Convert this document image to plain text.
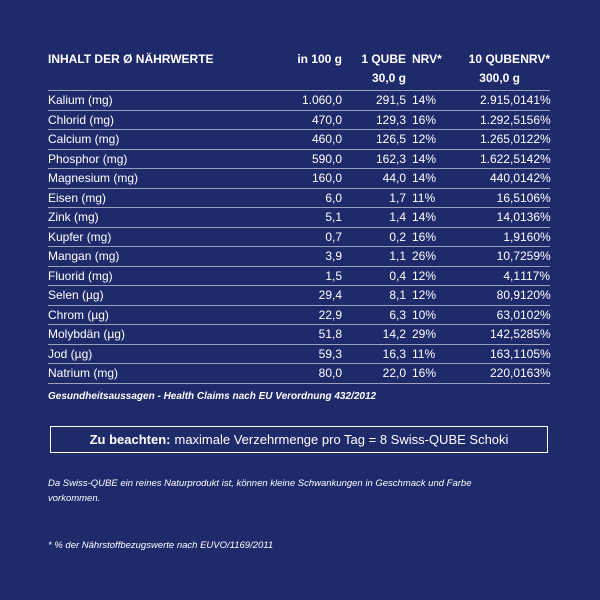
INHALT DER Ø NÄHRWERTE	in 100 g	1 QUBE	NRV*	10 QUBE	NRV*
		30,0 g		300,0 g	
Kalium (mg)	1.060,0	291,5	14%	2.915,0	141%
Chlorid (mg)	470,0	129,3	16%	1.292,5	156%
Calcium (mg)	460,0	126,5	12%	1.265,0	122%
Phosphor (mg)	590,0	162,3	14%	1.622,5	142%
Magnesium (mg)	160,0	44,0	14%	440,0	142%
Eisen (mg)	6,0	1,7	11%	16,5	106%
Zink (mg)	5,1	1,4	14%	14,0	136%
Kupfer (mg)	0,7	0,2	16%	1,9	160%
Mangan (mg)	3,9	1,1	26%	10,7	259%
Fluorid (mg)	1,5	0,4	12%	4,1	117%
Selen (µg)	29,4	8,1	12%	80,9	120%
Chrom (µg)	22,9	6,3	10%	63,0	102%
Molybdän (µg)	51,8	14,2	29%	142,5	285%
Jod (µg)	59,3	16,3	11%	163,1	105%
Natrium (mg)	80,0	22,0	16%	220,0	163%
Gesundheitsaussagen - Health Claims nach EU Verordnung 432/2012
Zu beachten: maximale Verzehrmenge pro Tag = 8 Swiss-QUBE Schoki
Da Swiss-QUBE ein reines Naturprodukt ist, können kleine Schwankungen in Geschmack und Farbe vorkommen.
* % der Nährstoffbezugswerte nach EUVO/1169/2011
